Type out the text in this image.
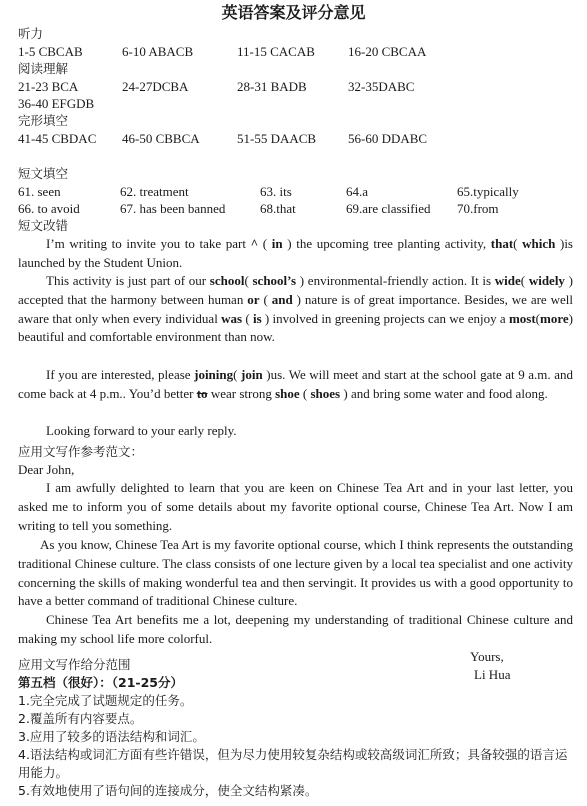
英语答案及评分意见
听力
1-5 CBCAB	6-10 ABACB	11-15 CACAB	16-20 CBCAA
阅读理解
21-23 BCA	24-27DCBA	28-31 BADB	32-35DABC
36-40 EFGDB
完形填空
41-45 CBDAC 46-50 CBBCA	51-55 DAACB 56-60 DDABC
短文填空
61. seen	62. treatment	63. its	64.a	65.typically
66. to avoid	67. has been banned	68.that	69.are classified 70.from
短文改错
I’m writing to invite you to take part ^ ( in ) the upcoming tree planting activity, that( which )is launched by the Student Union.
This activity is just part of our school( school’s ) environmental-friendly action. It is wide( widely ) accepted that the harmony between human or ( and ) nature is of great importance. Besides, we are well aware that only when every individual was ( is ) involved in greening projects can we enjoy a most(more) beautiful and comfortable environment than now.
If you are interested, please joining( join )us. We will meet and start at the school gate at 9 a.m. and come back at 4 p.m.. You’d better to wear strong shoe ( shoes ) and bring some water and food along.
Looking forward to your early reply.
应用文写作参考范文：
Dear John,
I am awfully delighted to learn that you are keen on Chinese Tea Art and in your last letter, you asked me to inform you of some details about my favorite optional course, Chinese Tea Art. Now I am writing to tell you something.
As you know, Chinese Tea Art is my favorite optional course, which I think represents the outstanding traditional Chinese culture. The class consists of one lecture given by a local tea specialist and one activity concerning the skills of making wonderful tea and then servingit. It provides us with a good opportunity to have a better command of traditional Chinese culture.
Chinese Tea Art benefits me a lot, deepening my understanding of traditional Chinese culture and making my school life more colorful.
Yours,
Li Hua
应用文写作给分范围
第五档（很好）：（21-25分）
1.完全完成了试题规定的任务。
2.覆盖所有内容要点。
3.应用了较多的语法结构和词汇。
4.语法结构或词汇方面有些许错误，但为尽力使用较复杂结构或较高级词汇所致；具备较强的语言运用能力。
5.有效地使用了语句间的连接成分，使全文结构紧凑。
